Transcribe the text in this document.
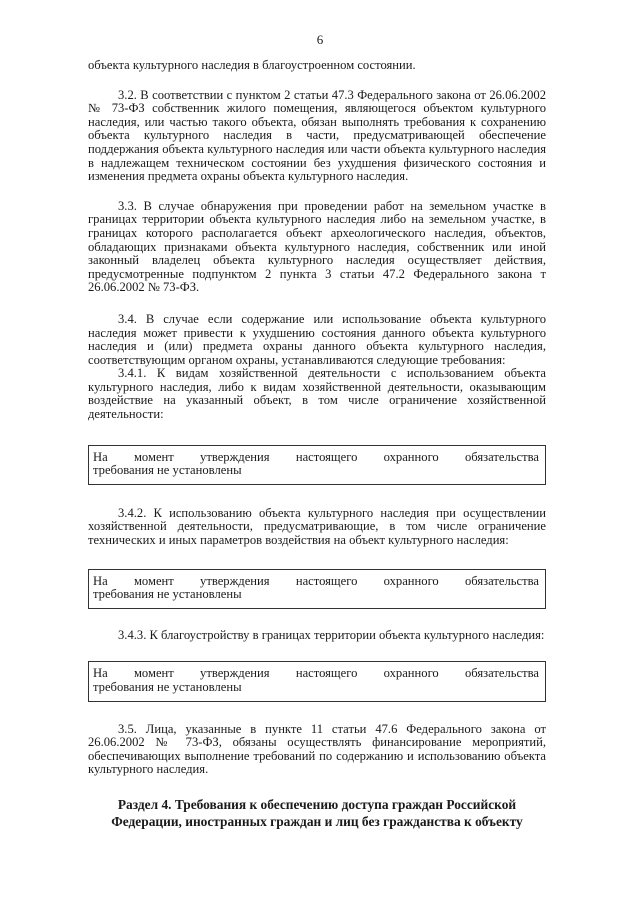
6

объекта культурного наследия в благоустроенном состоянии.

3.2. В соответствии с пунктом 2 статьи 47.3 Федерального закона от 26.06.2002 № 73-ФЗ собственник жилого помещения, являющегося объектом культурного наследия, или частью такого объекта, обязан выполнять требования к сохранению объекта культурного наследия в части, предусматривающей обеспечение поддержания объекта культурного наследия или части объекта культурного наследия в надлежащем техническом состоянии без ухудшения физического состояния и изменения предмета охраны объекта культурного наследия.

3.3. В случае обнаружения при проведении работ на земельном участке в границах территории объекта культурного наследия либо на земельном участке, в границах которого располагается объект археологического наследия, объектов, обладающих признаками объекта культурного наследия, собственник или иной законный владелец объекта культурного наследия осуществляет действия, предусмотренные подпунктом 2 пункта 3 статьи 47.2 Федерального закона т 26.06.2002 № 73-ФЗ.

3.4. В случае если содержание или использование объекта культурного наследия может привести к ухудшению состояния данного объекта культурного наследия и (или) предмета охраны данного объекта культурного наследия, соответствующим органом охраны, устанавливаются следующие требования:

3.4.1. К видам хозяйственной деятельности с использованием объекта культурного наследия, либо к видам хозяйственной деятельности, оказывающим воздействие на указанный объект, в том числе ограничение хозяйственной деятельности:

На момент утверждения настоящего охранного обязательства
требования не установлены

3.4.2. К использованию объекта культурного наследия при осуществлении хозяйственной деятельности, предусматривающие, в том числе ограничение технических и иных параметров воздействия на объект культурного наследия:

На момент утверждения настоящего охранного обязательства
требования не установлены

3.4.3. К благоустройству в границах территории объекта культурного наследия:

На момент утверждения настоящего охранного обязательства
требования не установлены

3.5. Лица, указанные в пункте 11 статьи 47.6 Федерального закона от 26.06.2002 № 73-ФЗ, обязаны осуществлять финансирование мероприятий, обеспечивающих выполнение требований по содержанию и использованию объекта культурного наследия.

Раздел 4. Требования к обеспечению доступа граждан Российской Федерации, иностранных граждан и лиц без гражданства к объекту
